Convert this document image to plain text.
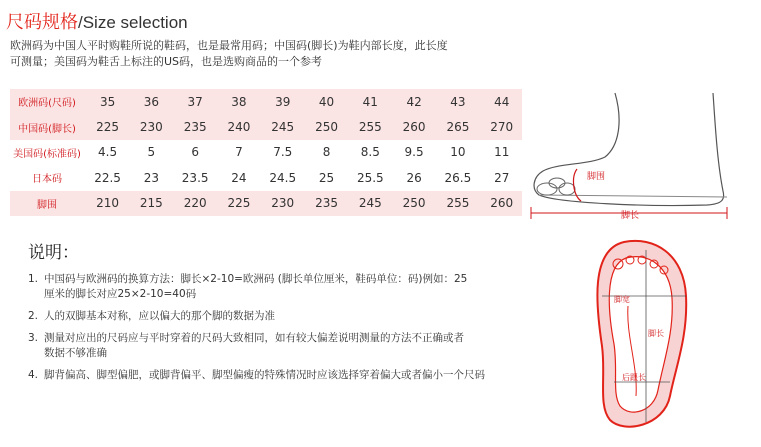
尺码规格/Size selection
欧洲码为中国人平时购鞋所说的鞋码，也是最常用码；中国码(脚长)为鞋内部长度，此长度
可测量；美国码为鞋舌上标注的US码，也是选购商品的一个参考
欧洲码(尺码)	35	36	37	38	39	40	41	42	43	44
中国码(脚长)	225	230	235	240	245	250	255	260	265	270
美国码(标准码)	4.5	5	6	7	7.5	8	8.5	9.5	10	11
日本码	22.5	23	23.5	24	24.5	25	25.5	26	26.5	27
脚围	210	215	220	225	230	235	245	250	255	260
脚围
脚长
说明：
1. 中国码与欧洲码的换算方法：脚长×2-10=欧洲码 (脚长单位厘米，鞋码单位：码)例如：25
厘米的脚长对应25×2-10=40码
2. 人的双脚基本对称，应以偏大的那个脚的数据为准
3. 测量对应出的尺码应与平时穿着的尺码大致相同，如有较大偏差说明测量的方法不正确或者
数据不够准确
4. 脚背偏高、脚型偏肥，或脚背偏平、脚型偏瘦的特殊情况时应该选择穿着偏大或者偏小一个尺码
脚宽
脚长
后跟长
